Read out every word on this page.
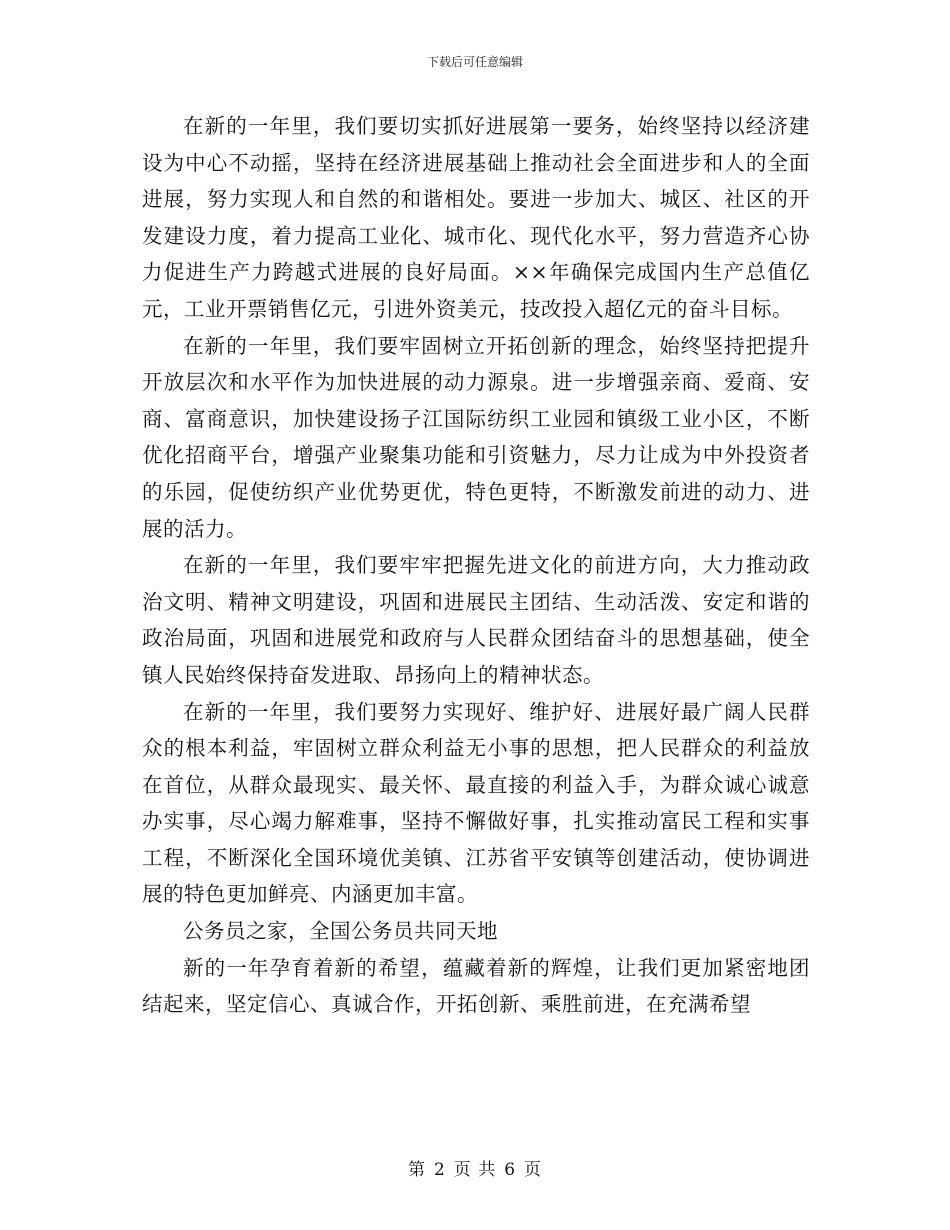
下载后可任意编辑

在新的一年里，我们要切实抓好进展第一要务，始终坚持以经济建设为中心不动摇，坚持在经济进展基础上推动社会全面进步和人的全面进展，努力实现人和自然的和谐相处。要进一步加大、城区、社区的开发建设力度，着力提高工业化、城市化、现代化水平，努力营造齐心协力促进生产力跨越式进展的良好局面。××年确保完成国内生产总值亿元，工业开票销售亿元，引进外资美元，技改投入超亿元的奋斗目标。

在新的一年里，我们要牢固树立开拓创新的理念，始终坚持把提升开放层次和水平作为加快进展的动力源泉。进一步增强亲商、爱商、安商、富商意识，加快建设扬子江国际纺织工业园和镇级工业小区，不断优化招商平台，增强产业聚集功能和引资魅力，尽力让成为中外投资者的乐园，促使纺织产业优势更优，特色更特，不断激发前进的动力、进展的活力。

在新的一年里，我们要牢牢把握先进文化的前进方向，大力推动政治文明、精神文明建设，巩固和进展民主团结、生动活泼、安定和谐的政治局面，巩固和进展党和政府与人民群众团结奋斗的思想基础，使全镇人民始终保持奋发进取、昂扬向上的精神状态。

在新的一年里，我们要努力实现好、维护好、进展好最广阔人民群众的根本利益，牢固树立群众利益无小事的思想，把人民群众的利益放在首位，从群众最现实、最关怀、最直接的利益入手，为群众诚心诚意办实事，尽心竭力解难事，坚持不懈做好事，扎实推动富民工程和实事工程，不断深化全国环境优美镇、江苏省平安镇等创建活动，使协调进展的特色更加鲜亮、内涵更加丰富。

公务员之家，全国公务员共同天地

新的一年孕育着新的希望，蕴藏着新的辉煌，让我们更加紧密地团结起来，坚定信心、真诚合作，开拓创新、乘胜前进，在充满希望

第 2 页 共 6 页
